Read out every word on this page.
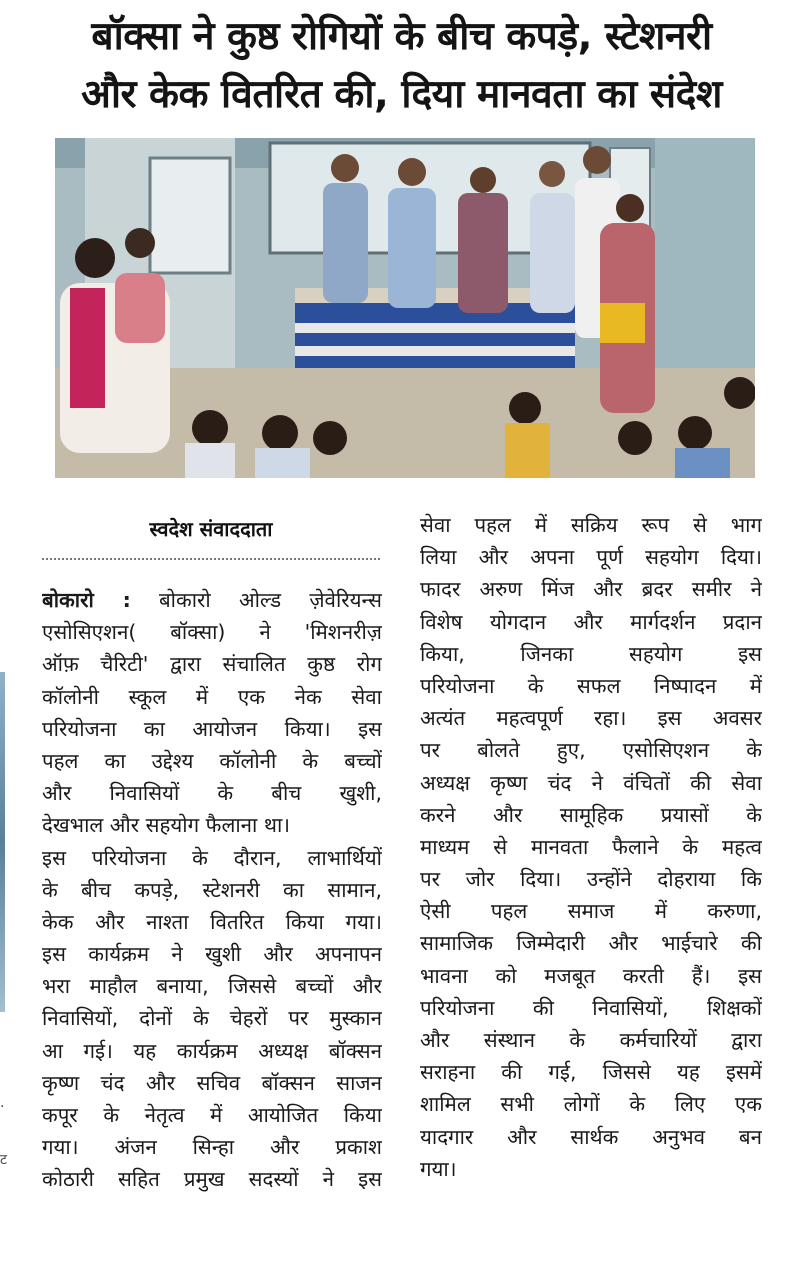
बॉक्सा ने कुष्ठ रोगियों के बीच कपड़े, स्टेशनरी
और केक वितरित की, दिया मानवता का संदेश
स्वदेश संवाददाता
बोकारो : बोकारो ओल्ड ज़ेवेरियन्स
एसोसिएशन( बॉक्सा) ने 'मिशनरीज़
ऑफ़ चैरिटी' द्वारा संचालित कुष्ठ रोग
कॉलोनी स्कूल में एक नेक सेवा
परियोजना का आयोजन किया। इस
पहल का उद्देश्य कॉलोनी के बच्चों
और निवासियों के बीच खुशी,
देखभाल और सहयोग फैलाना था।
इस परियोजना के दौरान, लाभार्थियों
के बीच कपड़े, स्टेशनरी का सामान,
केक और नाश्ता वितरित किया गया।
इस कार्यक्रम ने खुशी और अपनापन
भरा माहौल बनाया, जिससे बच्चों और
निवासियों, दोनों के चेहरों पर मुस्कान
आ गई। यह कार्यक्रम अध्यक्ष बॉक्सन
कृष्ण चंद और सचिव बॉक्सन साजन
कपूर के नेतृत्व में आयोजित किया
गया। अंजन सिन्हा और प्रकाश
कोठारी सहित प्रमुख सदस्यों ने इस
सेवा पहल में सक्रिय रूप से भाग
लिया और अपना पूर्ण सहयोग दिया।
फादर अरुण मिंज और ब्रदर समीर ने
विशेष योगदान और मार्गदर्शन प्रदान
किया, जिनका सहयोग इस
परियोजना के सफल निष्पादन में
अत्यंत महत्वपूर्ण रहा। इस अवसर
पर बोलते हुए, एसोसिएशन के
अध्यक्ष कृष्ण चंद ने वंचितों की सेवा
करने और सामूहिक प्रयासों के
माध्यम से मानवता फैलाने के महत्व
पर जोर दिया। उन्होंने दोहराया कि
ऐसी पहल समाज में करुणा,
सामाजिक जिम्मेदारी और भाईचारे की
भावना को मजबूत करती हैं। इस
परियोजना की निवासियों, शिक्षकों
और संस्थान के कर्मचारियों द्वारा
सराहना की गई, जिससे यह इसमें
शामिल सभी लोगों के लिए एक
यादगार और सार्थक अनुभव बन
गया।
.
ट
